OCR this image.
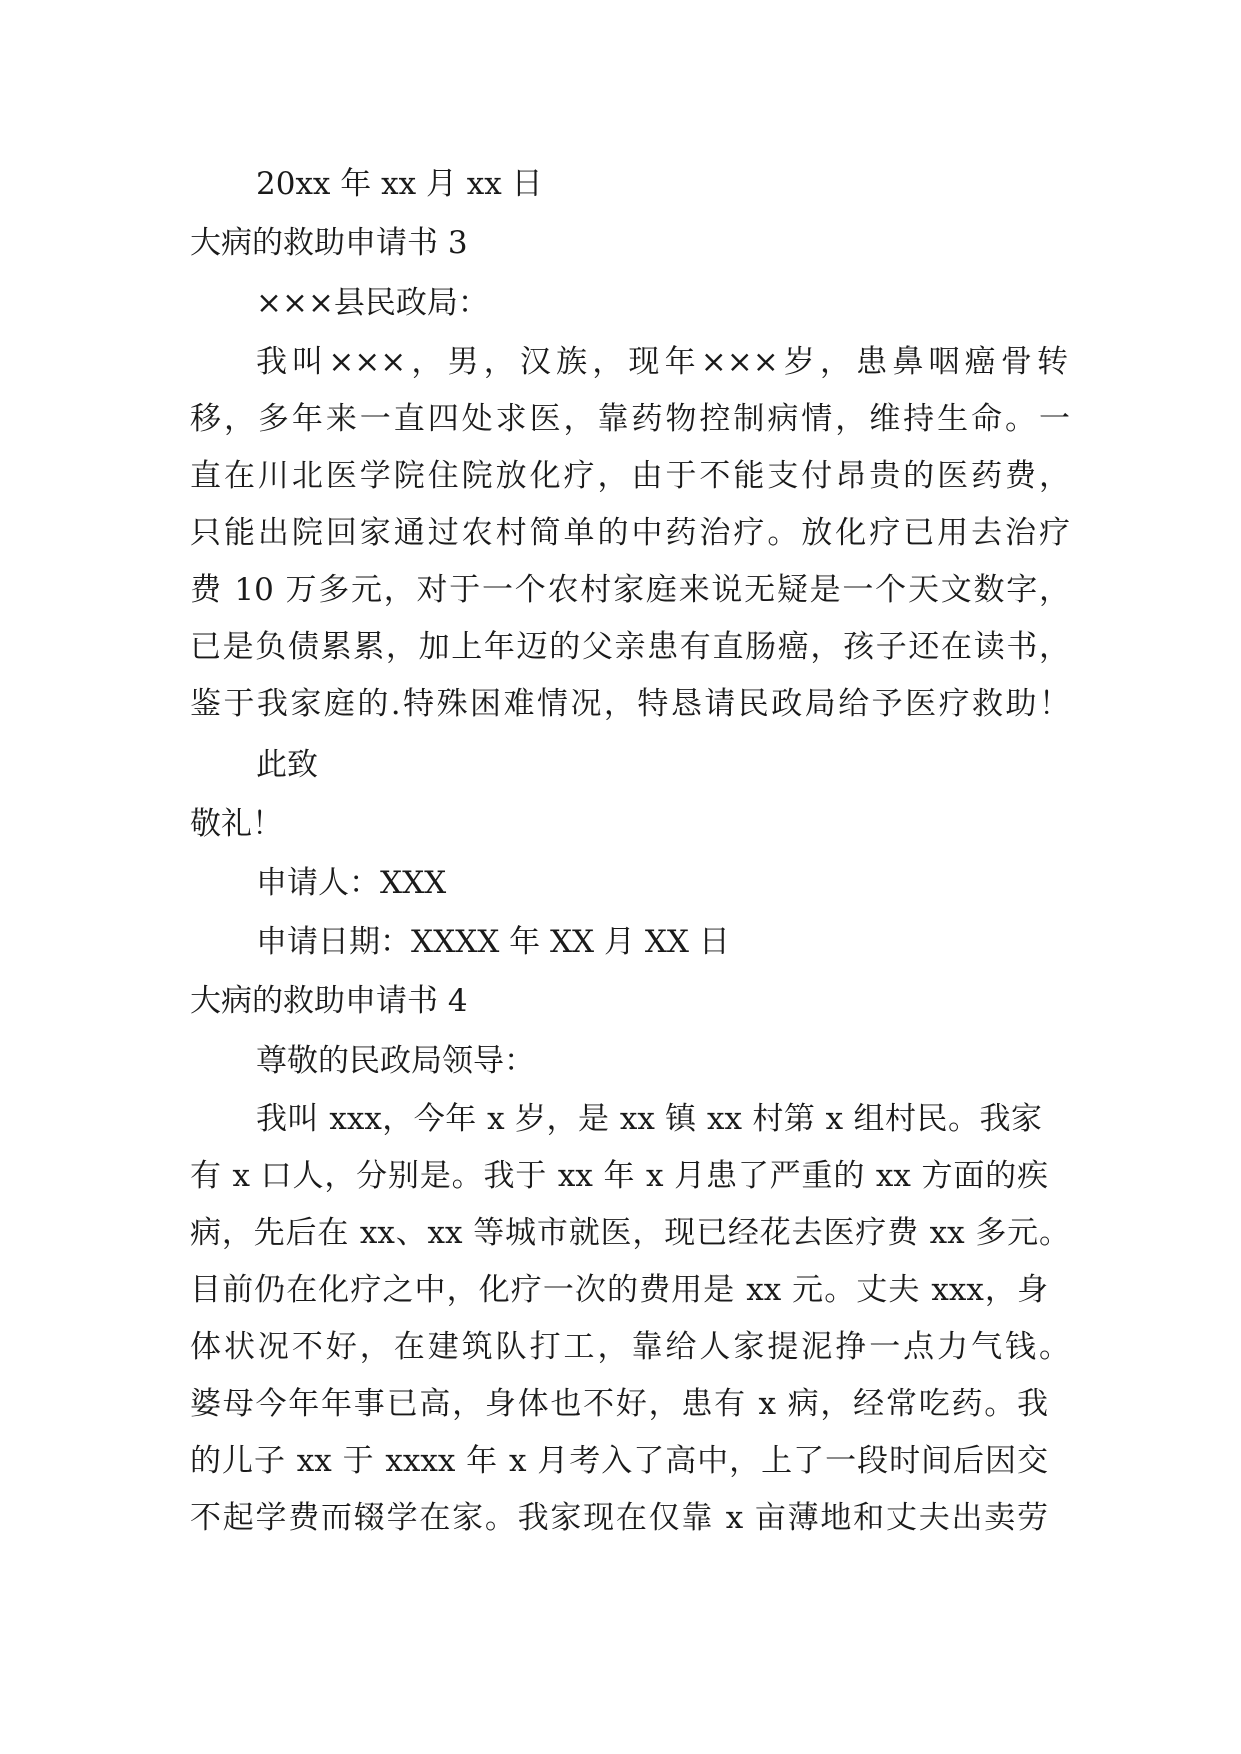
20xx 年 xx 月 xx 日
大病的救助申请书 3
×××县民政局：
我叫×××，男，汉族，现年×××岁，患鼻咽癌骨转
移，多年来一直四处求医，靠药物控制病情，维持生命。一
直在川北医学院住院放化疗，由于不能支付昂贵的医药费，
只能出院回家通过农村简单的中药治疗。放化疗已用去治疗
费 10 万多元，对于一个农村家庭来说无疑是一个天文数字，
已是负债累累，加上年迈的父亲患有直肠癌，孩子还在读书，
鉴于我家庭的.特殊困难情况，特恳请民政局给予医疗救助！
此致
敬礼！
申请人：XXX
申请日期：XXXX 年 XX 月 XX 日
大病的救助申请书 4
尊敬的民政局领导：
我叫 xxx，今年 x 岁，是 xx 镇 xx 村第 x 组村民。我家
有 x 口人，分别是。我于 xx 年 x 月患了严重的 xx 方面的疾
病，先后在 xx、xx 等城市就医，现已经花去医疗费 xx 多元。
目前仍在化疗之中，化疗一次的费用是 xx 元。丈夫 xxx，身
体状况不好，在建筑队打工，靠给人家提泥挣一点力气钱。
婆母今年年事已高，身体也不好，患有 x 病，经常吃药。我
的儿子 xx 于 xxxx 年 x 月考入了高中，上了一段时间后因交
不起学费而辍学在家。我家现在仅靠 x 亩薄地和丈夫出卖劳
